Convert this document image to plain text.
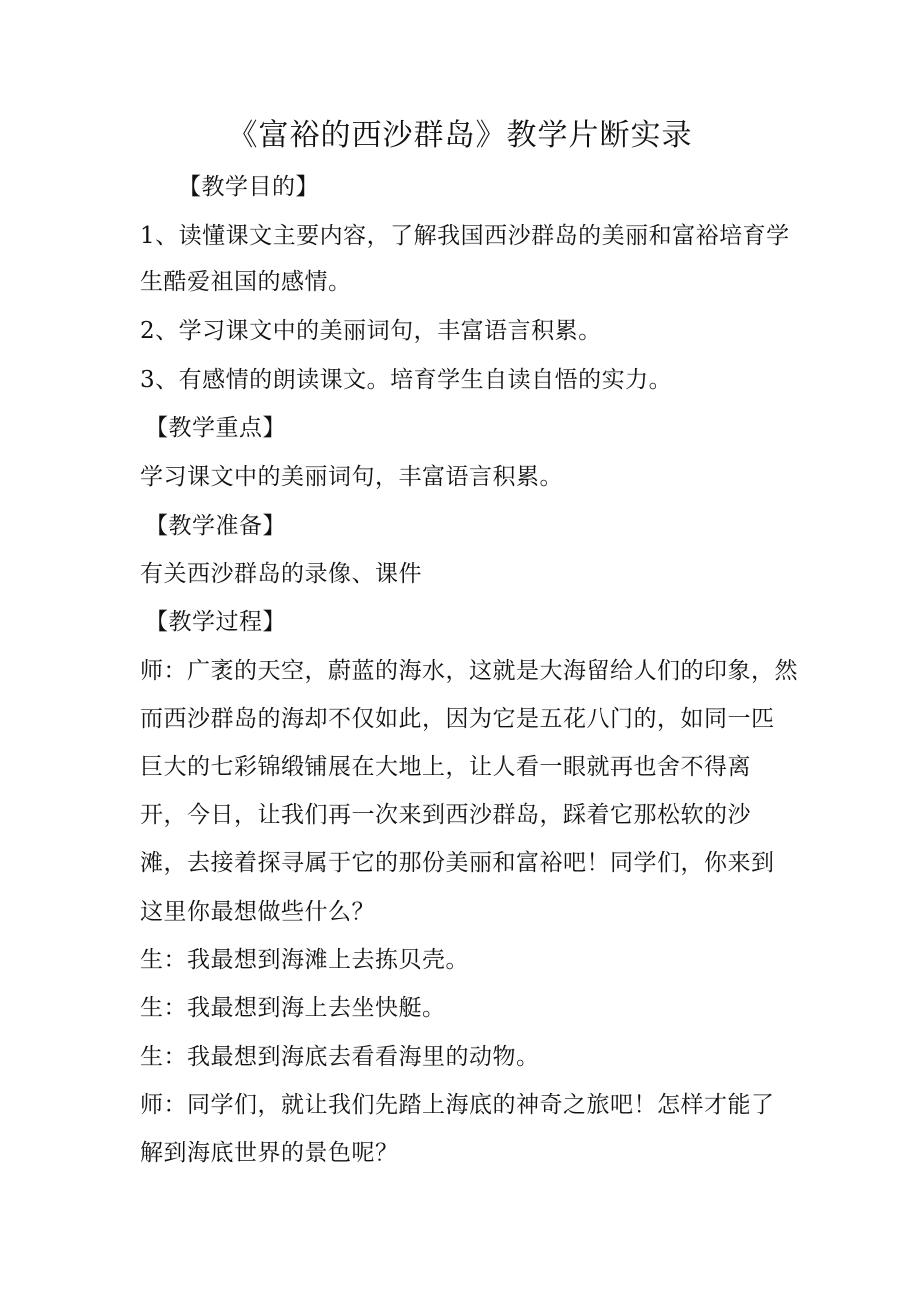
《富裕的西沙群岛》教学片断实录
【教学目的】
1、读懂课文主要内容，了解我国西沙群岛的美丽和富裕培育学
生酷爱祖国的感情。
2、学习课文中的美丽词句，丰富语言积累。
3、有感情的朗读课文。培育学生自读自悟的实力。
【教学重点】
学习课文中的美丽词句，丰富语言积累。
【教学准备】
有关西沙群岛的录像、课件
【教学过程】
师：广袤的天空，蔚蓝的海水，这就是大海留给人们的印象，然
而西沙群岛的海却不仅如此，因为它是五花八门的，如同一匹
巨大的七彩锦缎铺展在大地上，让人看一眼就再也舍不得离
开，今日，让我们再一次来到西沙群岛，踩着它那松软的沙
滩，去接着探寻属于它的那份美丽和富裕吧！同学们，你来到
这里你最想做些什么？
生：我最想到海滩上去拣贝壳。
生：我最想到海上去坐快艇。
生：我最想到海底去看看海里的动物。
师：同学们，就让我们先踏上海底的神奇之旅吧！怎样才能了
解到海底世界的景色呢？
